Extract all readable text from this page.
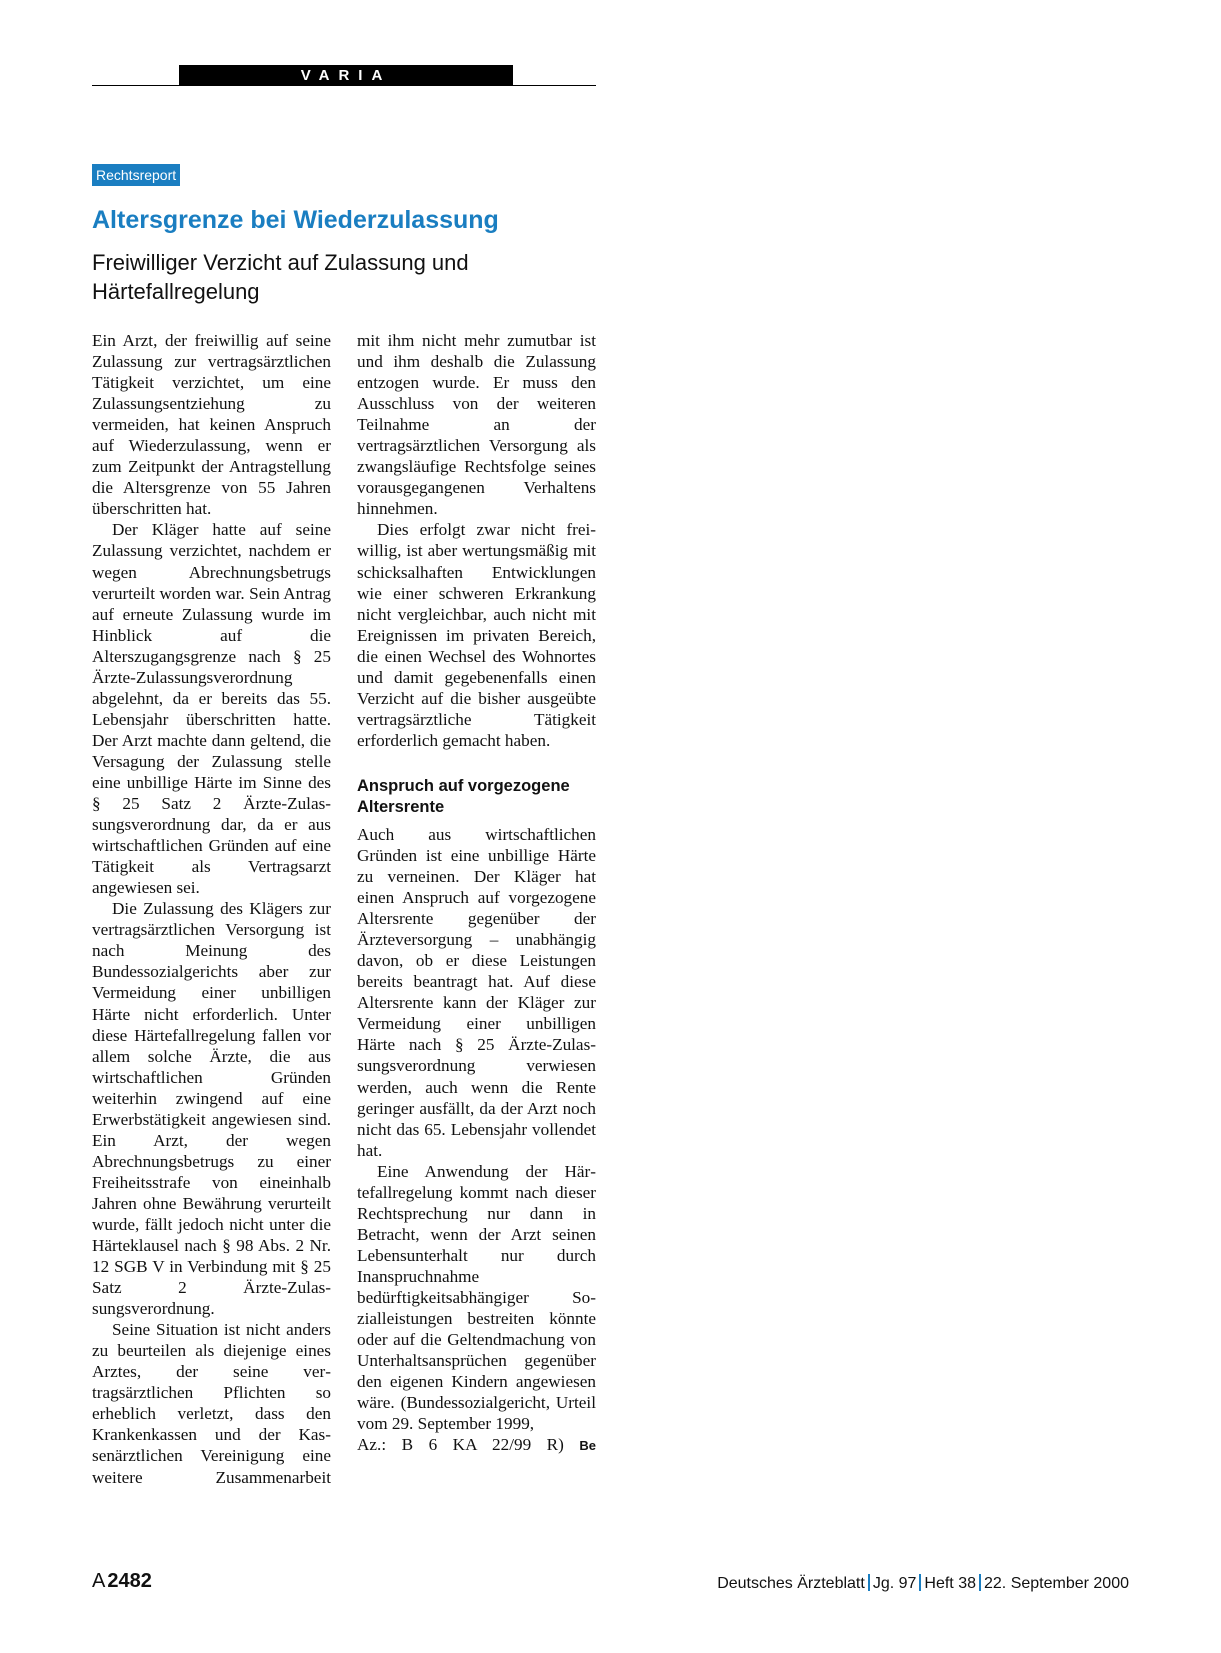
VARIA
Rechtsreport
Altersgrenze bei Wiederzulassung
Freiwilliger Verzicht auf Zulassung und Härtefallregelung

Ein Arzt, der freiwillig auf seine Zulassung zur vertragsärztlichen Tätigkeit verzichtet, um eine Zulassungsentziehung zu vermeiden, hat keinen Anspruch auf Wiederzulassung, wenn er zum Zeitpunkt der Antragstellung die Altersgrenze von 55 Jahren überschritten hat.

Der Kläger hatte auf seine Zulassung verzichtet, nachdem er wegen Abrechnungsbetrugs verurteilt worden war. Sein Antrag auf erneute Zulassung wurde im Hinblick auf die Alterszugangsgrenze nach § 25 Ärzte-Zulassungsverordnung abgelehnt, da er bereits das 55. Lebensjahr überschritten hatte. Der Arzt machte dann geltend, die Versagung der Zulassung stelle eine unbillige Härte im Sinne des § 25 Satz 2 Ärzte-Zulassungsverordnung dar, da er aus wirtschaftlichen Gründen auf eine Tätigkeit als Vertragsarzt angewiesen sei.

Die Zulassung des Klägers zur vertragsärztlichen Versorgung ist nach Meinung des Bundessozialgerichts aber zur Vermeidung einer unbilligen Härte nicht erforderlich. Unter diese Härtefallregelung fallen vor allem solche Ärzte, die aus wirtschaftlichen Gründen weiterhin zwingend auf eine Erwerbstätigkeit angewiesen sind. Ein Arzt, der wegen Abrechnungsbetrugs zu einer Freiheitsstrafe von eineinhalb Jahren ohne Bewährung verurteilt wurde, fällt jedoch nicht unter die Härteklausel nach § 98 Abs. 2 Nr. 12 SGB V in Verbindung mit § 25 Satz 2 Ärzte-Zulassungsverordnung.

Seine Situation ist nicht anders zu beurteilen als diejenige eines Arztes, der seine vertragsärztlichen Pflichten so erheblich verletzt, dass den Krankenkassen und der Kassenärztlichen Vereinigung eine weitere Zusammenarbeit

mit ihm nicht mehr zumutbar ist und ihm deshalb die Zulassung entzogen wurde. Er muss den Ausschluss von der weiteren Teilnahme an der vertragsärztlichen Versorgung als zwangsläufige Rechtsfolge seines vorausgegangenen Verhaltens hinnehmen.

Dies erfolgt zwar nicht freiwillig, ist aber wertungsmäßig mit schicksalhaften Entwicklungen wie einer schweren Erkrankung nicht vergleichbar, auch nicht mit Ereignissen im privaten Bereich, die einen Wechsel des Wohnortes und damit gegebenenfalls einen Verzicht auf die bisher ausgeübte vertragsärztliche Tätigkeit erforderlich gemacht haben.

Anspruch auf vorgezogene Altersrente

Auch aus wirtschaftlichen Gründen ist eine unbillige Härte zu verneinen. Der Kläger hat einen Anspruch auf vorgezogene Altersrente gegenüber der Ärzteversorgung – unabhängig davon, ob er diese Leistungen bereits beantragt hat. Auf diese Altersrente kann der Kläger zur Vermeidung einer unbilligen Härte nach § 25 Ärzte-Zulassungsverordnung verwiesen werden, auch wenn die Rente geringer ausfällt, da der Arzt noch nicht das 65. Lebensjahr vollendet hat.

Eine Anwendung der Härtefallregelung kommt nach dieser Rechtsprechung nur dann in Betracht, wenn der Arzt seinen Lebensunterhalt nur durch Inanspruchnahme bedürftigkeitsabhängiger Sozialleistungen bestreiten könnte oder auf die Geltendmachung von Unterhaltsansprüchen gegenüber den eigenen Kindern angewiesen wäre. (Bundessozialgericht, Urteil vom 29. September 1999,

Az.: B 6 KA 22/99 R) Be

A 2482	Deutsches Ärzteblatt Jg. 97 Heft 38 22. September 2000
